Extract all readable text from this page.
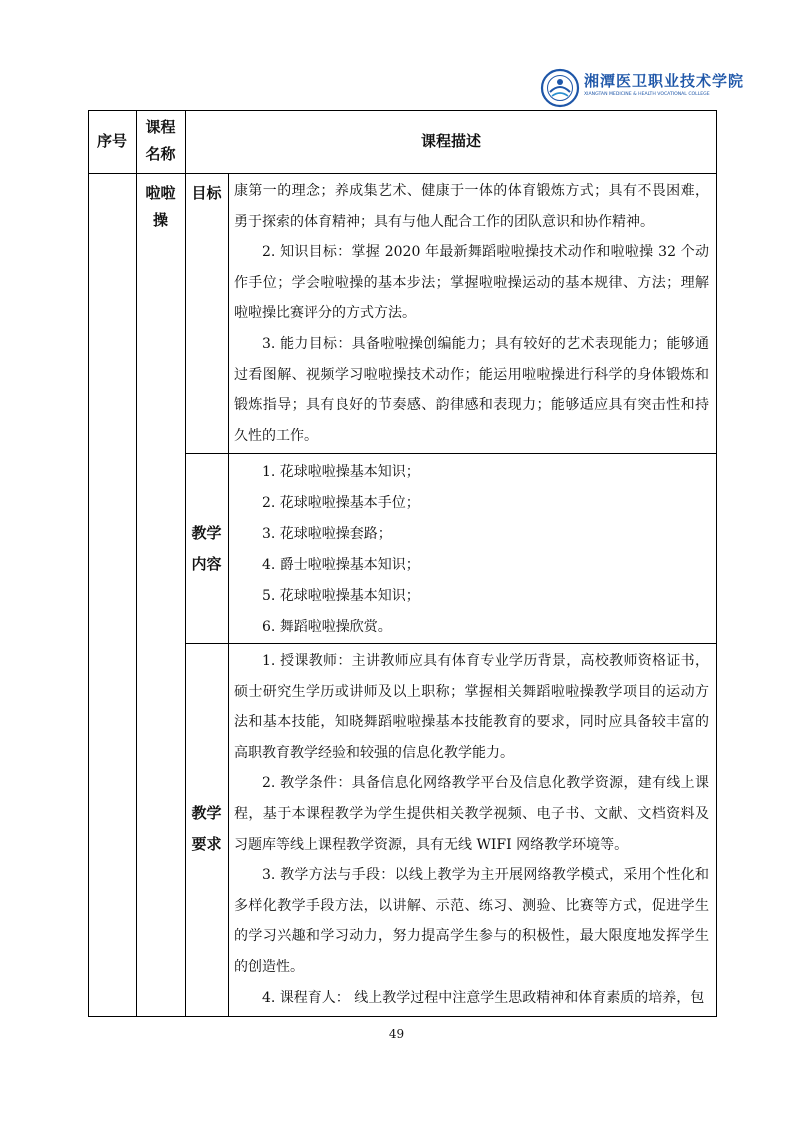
湘潭医卫职业技术学院
XIANGTAN MEDICINE & HEALTH VOCATIONAL COLLEGE
序号
课程
名称
课程描述
啦啦
操
目标 康第一的理念；养成集艺术、健康于一体的体育锻炼方式；具有不畏困难，勇于探索的体育精神；具有与他人配合工作的团队意识和协作精神。

2. 知识目标：掌握 2020 年最新舞蹈啦啦操技术动作和啦啦操 32 个动作手位；学会啦啦操的基本步法；掌握啦啦操运动的基本规律、方法；理解啦啦操比赛评分的方式方法。

3. 能力目标：具备啦啦操创编能力；具有较好的艺术表现能力；能够通过看图解、视频学习啦啦操技术动作；能运用啦啦操进行科学的身体锻炼和锻炼指导；具有良好的节奏感、韵律感和表现力；能够适应具有突击性和持久性的工作。

教学
内容

1. 花球啦啦操基本知识；

2. 花球啦啦操基本手位；

3. 花球啦啦操套路；

4. 爵士啦啦操基本知识；

5. 花球啦啦操基本知识；

6. 舞蹈啦啦操欣赏。

教学
要求

1. 授课教师：主讲教师应具有体育专业学历背景，高校教师资格证书，硕士研究生学历或讲师及以上职称；掌握相关舞蹈啦啦操教学项目的运动方法和基本技能，知晓舞蹈啦啦操基本技能教育的要求，同时应具备较丰富的高职教育教学经验和较强的信息化教学能力。

2. 教学条件：具备信息化网络教学平台及信息化教学资源，建有线上课程，基于本课程教学为学生提供相关教学视频、电子书、文献、文档资料及习题库等线上课程教学资源，具有无线 WIFI 网络教学环境等。

3. 教学方法与手段：以线上教学为主开展网络教学模式，采用个性化和多样化教学手段方法，以讲解、示范、练习、测验、比赛等方式，促进学生的学习兴趣和学习动力，努力提高学生参与的积极性，最大限度地发挥学生的创造性。

4. 课程育人： 线上教学过程中注意学生思政精神和体育素质的培养，包

49
